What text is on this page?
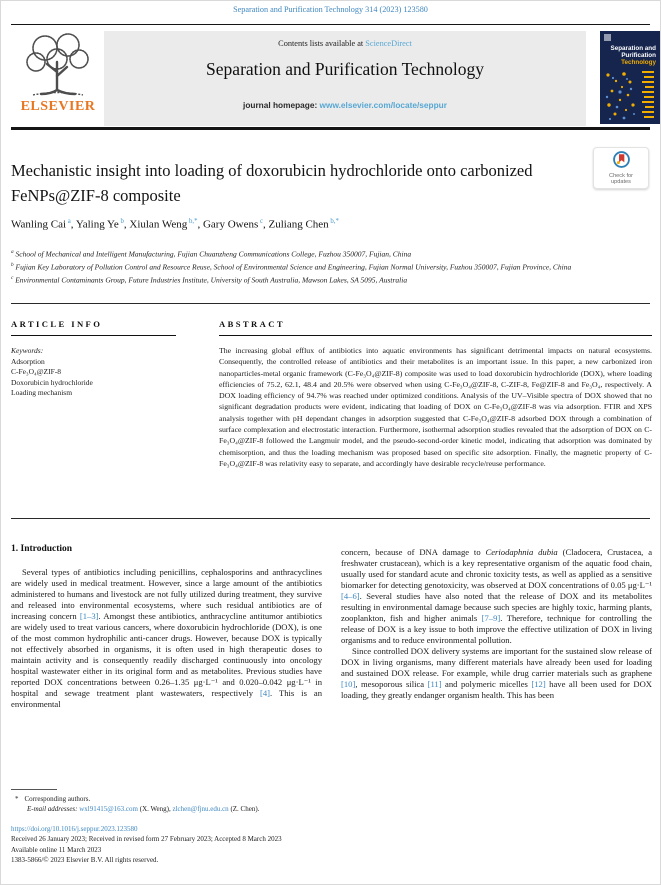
Separation and Purification Technology 314 (2023) 123580
ELSEVIER
Contents lists available at ScienceDirect
Separation and Purification Technology
journal homepage: www.elsevier.com/locate/seppur
Separation and
Purification
Technology
Check for
updates
Mechanistic insight into loading of doxorubicin hydrochloride onto carbonized FeNPs@ZIF-8 composite
Wanling Cai $^a$, Yaling Ye $^b$, Xiulan Weng $^{b,*}$, Gary Owens $^c$, Zuliang Chen $^{b,*}$
$^a$ School of Mechanical and Intelligent Manufacturing, Fujian Chuanzheng Communications College, Fuzhou 350007, Fujian, China
$^b$ Fujian Key Laboratory of Pollution Control and Resource Reuse, School of Environmental Science and Engineering, Fujian Normal University, Fuzhou 350007, Fujian Province, China
$^c$ Environmental Contaminants Group, Future Industries Institute, University of South Australia, Mawson Lakes, SA 5095, Australia
ARTICLE INFO
Keywords:
Adsorption
C-Fe₃O₄@ZIF-8
Doxorubicin hydrochloride
Loading mechanism
ABSTRACT
The increasing global efflux of antibiotics into aquatic environments has significant detrimental impacts on natural ecosystems. Consequently, the controlled release of antibiotics and their metabolites is an important issue. In this paper, a new carbonized iron nanoparticles-metal organic framework (C-Fe₃O₄@ZIF-8) composite was used to load doxorubicin hydrochloride (DOX), where loading efficiencies of 75.2, 62.1, 48.4 and 20.5% were observed when using C-Fe₃O₄@ZIF-8, C-ZIF-8, Fe@ZIF-8 and Fe₃O₄, respectively. A DOX loading efficiency of 94.7% was reached under optimized conditions. Analysis of the UV–Visible spectra of DOX showed that no significant degradation products were evident, indicating that loading of DOX on C-Fe₃O₄@ZIF-8 was via adsorption. FTIR and XPS analysis together with pH dependant changes in adsorption suggested that C-Fe₃O₄@ZIF-8 adsorbed DOX through a combination of surface complexation and electrostatic interaction. Furthermore, isothermal adsorption studies revealed that the adsorption of DOX on C-Fe₃O₄@ZIF-8 followed the Langmuir model, and the pseudo-second-order kinetic model, indicating that adsorption was dominated by chemisorption, and thus the loading mechanism was proposed based on specific site adsorption. Finally, the magnetic property of C-Fe₃O₄@ZIF-8 was relativity easy to separate, and accordingly have desirable recycle/reuse performance.
1. Introduction

Several types of antibiotics including penicillins, cephalosporins and anthracyclines are widely used in medical treatment. However, since a large amount of the antibiotics administered to humans and livestock are not fully utilized during treatment, they survive and released into environmental ecosystems, where such residual antibiotics are of increasing concern [1–3]. Amongst these antibiotics, anthracycline antitumor antibiotics are widely used to treat various cancers, where doxorubicin hydrochloride (DOX), is one of the most common hydrophilic anti-cancer drugs. However, because DOX is typically not effectively absorbed in organisms, it is often used in high therapeutic doses to maintain activity and is consequently readily discharged continuously into oncology hospital wastewater either in its original form and as metabolites. Previous studies have reported DOX concentrations between 0.26–1.35 μg·L⁻¹ and 0.020–0.042 μg·L⁻¹ in hospital and sewage treatment plant wastewaters, respectively [4]. This is an environmental

concern, because of DNA damage to Ceriodaphnia dubia (Cladocera, Crustacea, a freshwater crustacean), which is a key representative organism of the aquatic food chain, usually used for standard acute and chronic toxicity tests, as well as applied as a sensitive biomarker for detecting genotoxicity, was observed at DOX concentrations of 0.05 μg·L⁻¹ [4–6]. Several studies have also noted that the release of DOX and its metabolites resulting in environmental damage because such species are highly toxic, harming plants, zooplankton, fish and higher animals [7–9]. Therefore, technique for controlling the release of DOX is a key issue to both improve the effective utilization of DOX in living organisms and to reduce environmental pollution.

Since controlled DOX delivery systems are important for the sustained slow release of DOX in living organisms, many different materials have already been used for loading and sustained DOX release. For example, while drug carrier materials such as graphene [10], mesoporous silica [11] and polymeric micelles [12] have all been used for DOX loading, they greatly endanger organism health. This has been

* Corresponding authors.
E-mail addresses: wxl91415@163.com (X. Weng), zlchen@fjnu.edu.cn (Z. Chen).
https://doi.org/10.1016/j.seppur.2023.123580
Received 26 January 2023; Received in revised form 27 February 2023; Accepted 8 March 2023
Available online 11 March 2023
1383-5866/© 2023 Elsevier B.V. All rights reserved.
